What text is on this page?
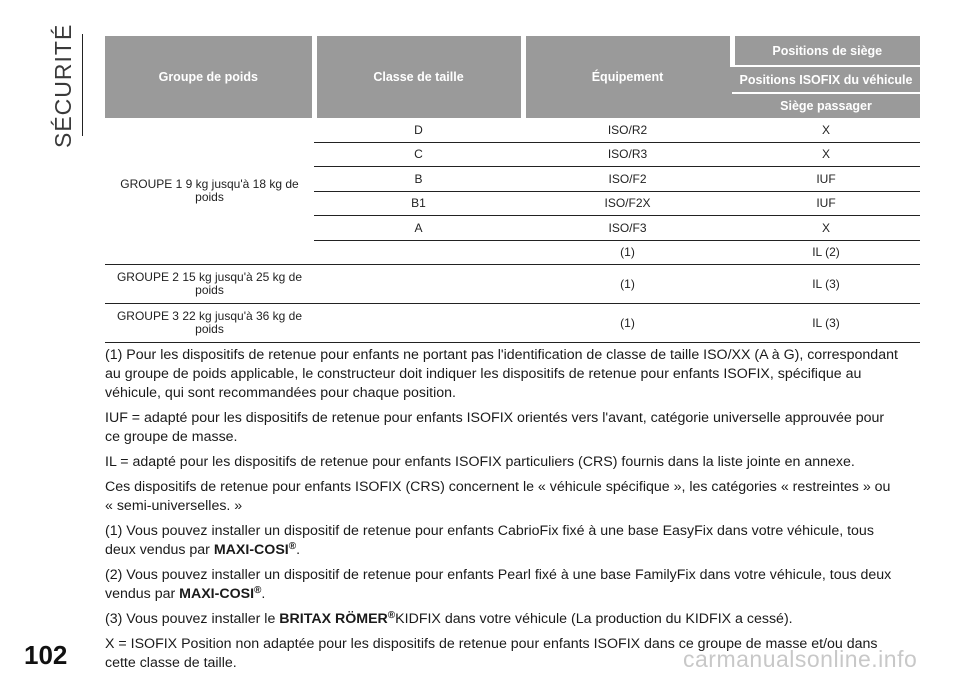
SÉCURITÉ	Groupe de poids	Classe de taille	Équipement	Positions de siège
			Positions ISOFIX du véhicule
			Siège passager
GROUPE 1 9 kg jusqu'à 18 kg de poids	D	ISO/R2	X
	C	ISO/R3	X
	B	ISO/F2	IUF
	B1	ISO/F2X	IUF
	A	ISO/F3	X
		(1)	IL (2)
GROUPE 2 15 kg jusqu'à 25 kg de poids		(1)	IL (3)
GROUPE 3 22 kg jusqu'à 36 kg de poids		(1)	IL (3)

(1) Pour les dispositifs de retenue pour enfants ne portant pas l'identification de classe de taille ISO/XX (A à G), correspondant au groupe de poids applicable, le constructeur doit indiquer les dispositifs de retenue pour enfants ISOFIX, spécifique au véhicule, qui sont recommandées pour chaque position.

IUF = adapté pour les dispositifs de retenue pour enfants ISOFIX orientés vers l'avant, catégorie universelle approuvée pour ce groupe de masse.

IL = adapté pour les dispositifs de retenue pour enfants ISOFIX particuliers (CRS) fournis dans la liste jointe en annexe.

Ces dispositifs de retenue pour enfants ISOFIX (CRS) concernent le « véhicule spécifique », les catégories « restreintes » ou « semi-universelles. »

(1) Vous pouvez installer un dispositif de retenue pour enfants CabrioFix fixé à une base EasyFix dans votre véhicule, tous deux vendus par MAXI-COSI®.

(2) Vous pouvez installer un dispositif de retenue pour enfants Pearl fixé à une base FamilyFix dans votre véhicule, tous deux vendus par MAXI-COSI®.

(3) Vous pouvez installer le BRITAX RÖMER®KIDFIX dans votre véhicule (La production du KIDFIX a cessé).

X = ISOFIX Position non adaptée pour les dispositifs de retenue pour enfants ISOFIX dans ce groupe de masse et/ou dans cette classe de taille.

102	carmanualsonline.info
